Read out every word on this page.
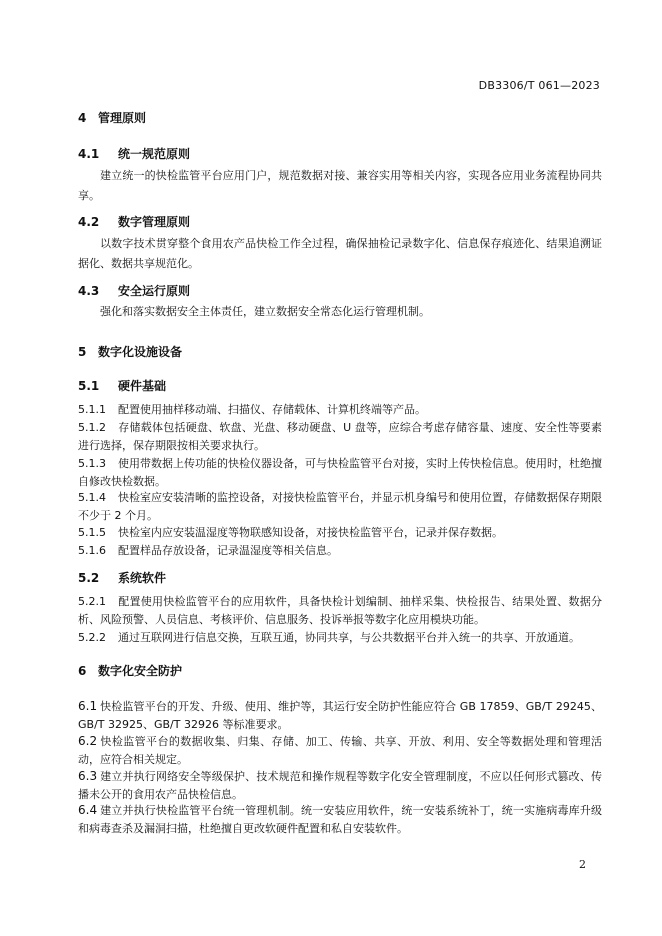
DB3306/T 061—2023
4 管理原则
4.1 统一规范原则
建立统一的快检监管平台应用门户，规范数据对接、兼容实用等相关内容，实现各应用业务流程协同共享。
4.2 数字管理原则
以数字技术贯穿整个食用农产品快检工作全过程，确保抽检记录数字化、信息保存痕迹化、结果追溯证据化、数据共享规范化。
4.3 安全运行原则
强化和落实数据安全主体责任，建立数据安全常态化运行管理机制。
5 数字化设施设备
5.1 硬件基础
5.1.1 配置使用抽样移动端、扫描仪、存储载体、计算机终端等产品。
5.1.2 存储载体包括硬盘、软盘、光盘、移动硬盘、U 盘等，应综合考虑存储容量、速度、安全性等要素进行选择，保存期限按相关要求执行。
5.1.3 使用带数据上传功能的快检仪器设备，可与快检监管平台对接，实时上传快检信息。使用时，杜绝擅自修改快检数据。
5.1.4 快检室应安装清晰的监控设备，对接快检监管平台，并显示机身编号和使用位置，存储数据保存期限不少于 2 个月。
5.1.5 快检室内应安装温湿度等物联感知设备，对接快检监管平台，记录并保存数据。
5.1.6 配置样品存放设备，记录温湿度等相关信息。
5.2 系统软件
5.2.1 配置使用快检监管平台的应用软件，具备快检计划编制、抽样采集、快检报告、结果处置、数据分析、风险预警、人员信息、考核评价、信息服务、投诉举报等数字化应用模块功能。
5.2.2 通过互联网进行信息交换，互联互通，协同共享，与公共数据平台并入统一的共享、开放通道。
6 数字化安全防护
6.1 快检监管平台的开发、升级、使用、维护等，其运行安全防护性能应符合 GB 17859、GB/T 29245、GB/T 32925、GB/T 32926 等标准要求。
6.2 快检监管平台的数据收集、归集、存储、加工、传输、共享、开放、利用、安全等数据处理和管理活动，应符合相关规定。
6.3 建立并执行网络安全等级保护、技术规范和操作规程等数字化安全管理制度，不应以任何形式篡改、传播未公开的食用农产品快检信息。
6.4 建立并执行快检监管平台统一管理机制。统一安装应用软件，统一安装系统补丁，统一实施病毒库升级和病毒查杀及漏洞扫描，杜绝擅自更改软硬件配置和私自安装软件。
2
